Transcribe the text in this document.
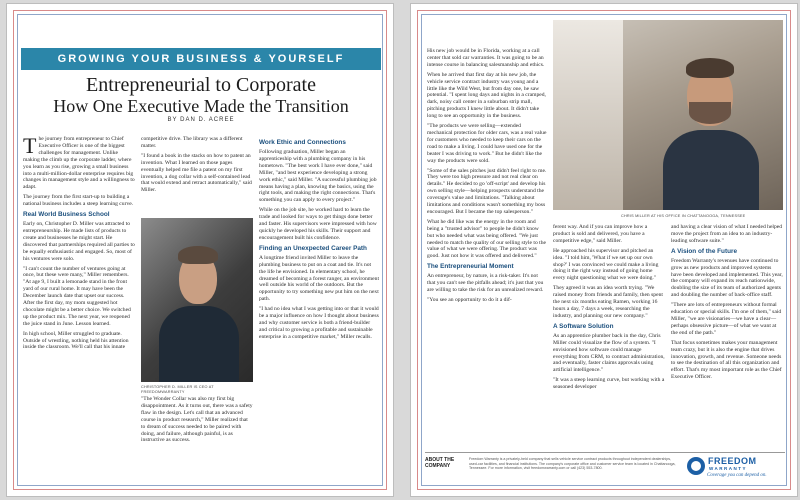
GROWING YOUR BUSINESS & YOURSELF
Entrepreneurial to Corporate
How One Executive Made the Transition
BY DAN D. ACREE

The journey from entrepreneur to Chief Executive Officer is one of the biggest challenges for management. Unlike making the climb up the corporate ladder, where you learn as you rise, growing a small business into a multi-million-dollar enterprise requires big changes in management style and a willingness to adapt.

The journey from the first start-up to building a national business includes a steep learning curve.

Real World Business School

Early on, Christopher D. Miller was attracted to entrepreneurship. He made lists of products to create and businesses he might start. He discovered that partnerships required all parties to be equally enthusiastic and engaged. So, most of his ventures were solo.

"I can't count the number of ventures going at once, but these were many," Miller remembers. "At age 9, I built a lemonade stand in the front yard of our rural home. It may have been the December launch date that upset our success. After the first day, my mom suggested hot chocolate might be a better choice. We switched up the product mix. The next year, we reopened the juice stand in June. Lesson learned.

In high school, Miller struggled to graduate. Outside of wrestling, nothing held his attention inside the classroom. We'll call that his innate

competitive drive. The library was a different matter.

"I found a book in the stacks on how to patent an invention. What I learned on those pages eventually helped me file a patent on my first invention, a dog collar with a self-contained lead that would extend and retract automatically," said Miller.

CHRISTOPHER D. MILLER IS CEO AT FREEDOMWARRANTY

"The Wonder Collar was also my first big disappointment. As it turns out, there was a safety flaw in the design. Let's call that an advanced course in product research," Miller realized that to dream of success needed to be paired with doing, and failure, although painful, is as instructive as success.

Work Ethic and Connections

Following graduation, Miller began an apprenticeship with a plumbing company in his hometown. "The best work I have ever done," said Miller, "and best experience developing a strong work ethic," said Miller. "A successful plumbing job means having a plan, knowing the basics, using the right tools, and making the right connections. That's something you can apply to every project."

While on the job site, he worked hard to learn the trade and looked for ways to get things done better and faster. His supervisors were impressed with how quickly he developed his skills. Their support and encouragement built his confidence.

Finding an Unexpected Career Path

A longtime friend invited Miller to leave the plumbing business to put on a coat and tie. It's not the life he envisioned. In elementary school, he dreamed of becoming a forest ranger, an environment well outside his world of the outdoors. But the opportunity to try something new put him on the next path.

"I had no idea what I was getting into or that it would be a major influence on how I thought about business and why customer service is both a friend-builder and critical to growing a profitable and sustainable enterprise in a competitive market," Miller recalls.

His new job would be in Florida, working at a call center that sold car warranties. It was going to be an intense course in balancing salesmanship and ethics.

When he arrived that first day at his new job, the vehicle service contract industry was young and a little like the Wild West, but from day one, he saw potential. "I spent long days and nights in a cramped, dark, noisy call center in a suburban strip mall, pitching products I knew little about. It didn't take long to see an opportunity in the business.

"The products we were selling—extended mechanical protection for older cars, was a real value for customers who needed to keep their cars on the road to make a living. I could have used one for the beater I was driving to work." But he didn't like the way the products were sold.

"Some of the sales pitches just didn't feel right to me. They were too high pressure and not real clear on details." He decided to go 'off-script' and develop his own selling style—helping prospects understand the coverage's value and limitations. "Talking about limitations and conditions wasn't something my boss encouraged. But I became the top salesperson."

What he did like was the energy in the room and being a "trusted advisor" to people he didn't know but who needed what was being offered. "We just needed to match the quality of our selling style to the value of what we were offering. The product was good. Just not how it was offered and delivered."

The Entrepreneurial Moment

An entrepreneur, by nature, is a risk-taker. It's not that you can't see the pitfalls ahead; it's just that you are willing to take the risk for an unrealized reward.

"You see an opportunity to do it a dif-

CHRIS MILLER AT HIS OFFICE IN CHATTANOOGA, TENNESSEE

ferent way. And if you can improve how a product is sold and delivered, you have a competitive edge," said Miller.

He approached his supervisor and pitched an idea. "I told him, 'What if we set up our own shop?' I was convinced we could make a living doing it the right way instead of going home every night questioning what we were doing."

They agreed it was an idea worth trying. "We raised money from friends and family, then spent the next six months eating Ramen, working 16 hours a day, 7 days a week, researching the industry, and planning our new company."

A Software Solution

As an apprentice plumber back in the day, Chris Miller could visualize the flow of a system. "I envisioned how software could manage everything from CRM, to contract administration, and eventually, faster claims approvals using artificial intelligence."

"It was a steep learning curve, but working with a seasoned developer

and having a clear vision of what I needed helped move the project from an idea to an industry-leading software suite."

A Vision of the Future

Freedom Warranty's revenues have continued to grow as new products and improved systems have been developed and implemented. This year, the company will expand its reach nationwide, doubling the size of its team of authorized agents and doubling the number of back-office staff.

"There are lots of entrepreneurs without formal education or special skills. I'm one of them," said Miller, "we are visionaries—we have a clear—perhaps obsessive picture—of what we want at the end of the path."

That focus sometimes makes your management team crazy, but it is also the engine that drives innovation, growth, and revenue. Someone needs to see the destination of all this organization and effort. That's my most important role as the Chief Executive Officer.

ABOUT THE COMPANY
Freedom Warranty is a privately-held company that sells vehicle service contract products throughout independent dealerships, used-car facilities, and financial institutions. The company's corporate office and customer service team is located in Chattanooga, Tennessee. For more information, visit freedomwarranty.com or call (423) 553-7800.
FREEDOM
WARRANTY
Coverage you can depend on.
